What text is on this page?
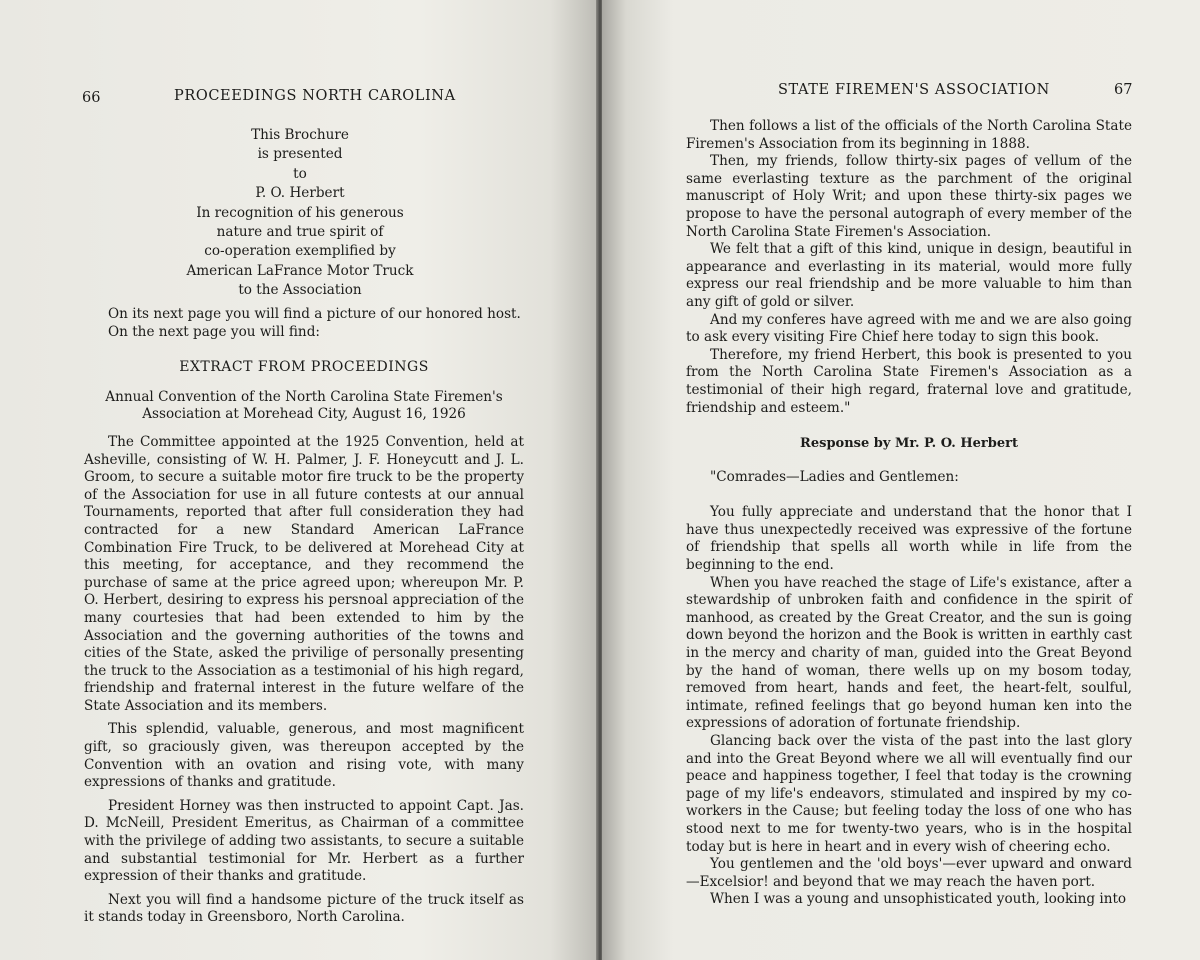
66	PROCEEDINGS NORTH CAROLINA
This Brochure
is presented
to
P. O. Herbert
In recognition of his generous
nature and true spirit of
co-operation exemplified by
American LaFrance Motor Truck
to the Association

On its next page you will find a picture of our honored host.

On the next page you will find:

EXTRACT FROM PROCEEDINGS

Annual Convention of the North Carolina State Firemen's Association at Morehead City, August 16, 1926

The Committee appointed at the 1925 Convention, held at Asheville, consisting of W. H. Palmer, J. F. Honeycutt and J. L. Groom, to secure a suitable motor fire truck to be the property of the Association for use in all future contests at our annual Tournaments, reported that after full consideration they had contracted for a new Standard American LaFrance Combination Fire Truck, to be delivered at Morehead City at this meeting, for acceptance, and they recommend the purchase of same at the price agreed upon; whereupon Mr. P. O. Herbert, desiring to express his persnoal appreciation of the many courtesies that had been extended to him by the Association and the governing authorities of the towns and cities of the State, asked the privilige of personally presenting the truck to the Association as a testimonial of his high regard, friendship and fraternal interest in the future welfare of the State Association and its members.

This splendid, valuable, generous, and most magnificent gift, so graciously given, was thereupon accepted by the Convention with an ovation and rising vote, with many expressions of thanks and gratitude.

President Horney was then instructed to appoint Capt. Jas. D. McNeill, President Emeritus, as Chairman of a committee with the privilege of adding two assistants, to secure a suitable and substantial testimonial for Mr. Herbert as a further expression of their thanks and gratitude.

Next you will find a handsome picture of the truck itself as it stands today in Greensboro, North Carolina.

STATE FIREMEN'S ASSOCIATION	67

Then follows a list of the officials of the North Carolina State Firemen's Association from its beginning in 1888.

Then, my friends, follow thirty-six pages of vellum of the same everlasting texture as the parchment of the original manuscript of Holy Writ; and upon these thirty-six pages we propose to have the personal autograph of every member of the North Carolina State Firemen's Association.

We felt that a gift of this kind, unique in design, beautiful in appearance and everlasting in its material, would more fully express our real friendship and be more valuable to him than any gift of gold or silver.

And my conferes have agreed with me and we are also going to ask every visiting Fire Chief here today to sign this book.

Therefore, my friend Herbert, this book is presented to you from the North Carolina State Firemen's Association as a testimonial of their high regard, fraternal love and gratitude, friendship and esteem."

Response by Mr. P. O. Herbert

"Comrades—Ladies and Gentlemen:

You fully appreciate and understand that the honor that I have thus unexpectedly received was expressive of the fortune of friendship that spells all worth while in life from the beginning to the end.

When you have reached the stage of Life's existance, after a stewardship of unbroken faith and confidence in the spirit of manhood, as created by the Great Creator, and the sun is going down beyond the horizon and the Book is written in earthly cast in the mercy and charity of man, guided into the Great Beyond by the hand of woman, there wells up on my bosom today, removed from heart, hands and feet, the heart-felt, soulful, intimate, refined feelings that go beyond human ken into the expressions of adoration of fortunate friendship.

Glancing back over the vista of the past into the last glory and into the Great Beyond where we all will eventually find our peace and happiness together, I feel that today is the crowning page of my life's endeavors, stimulated and inspired by my co-workers in the Cause; but feeling today the loss of one who has stood next to me for twenty-two years, who is in the hospital today but is here in heart and in every wish of cheering echo.

You gentlemen and the 'old boys'—ever upward and onward —Excelsior! and beyond that we may reach the haven port.

When I was a young and unsophisticated youth, looking into
